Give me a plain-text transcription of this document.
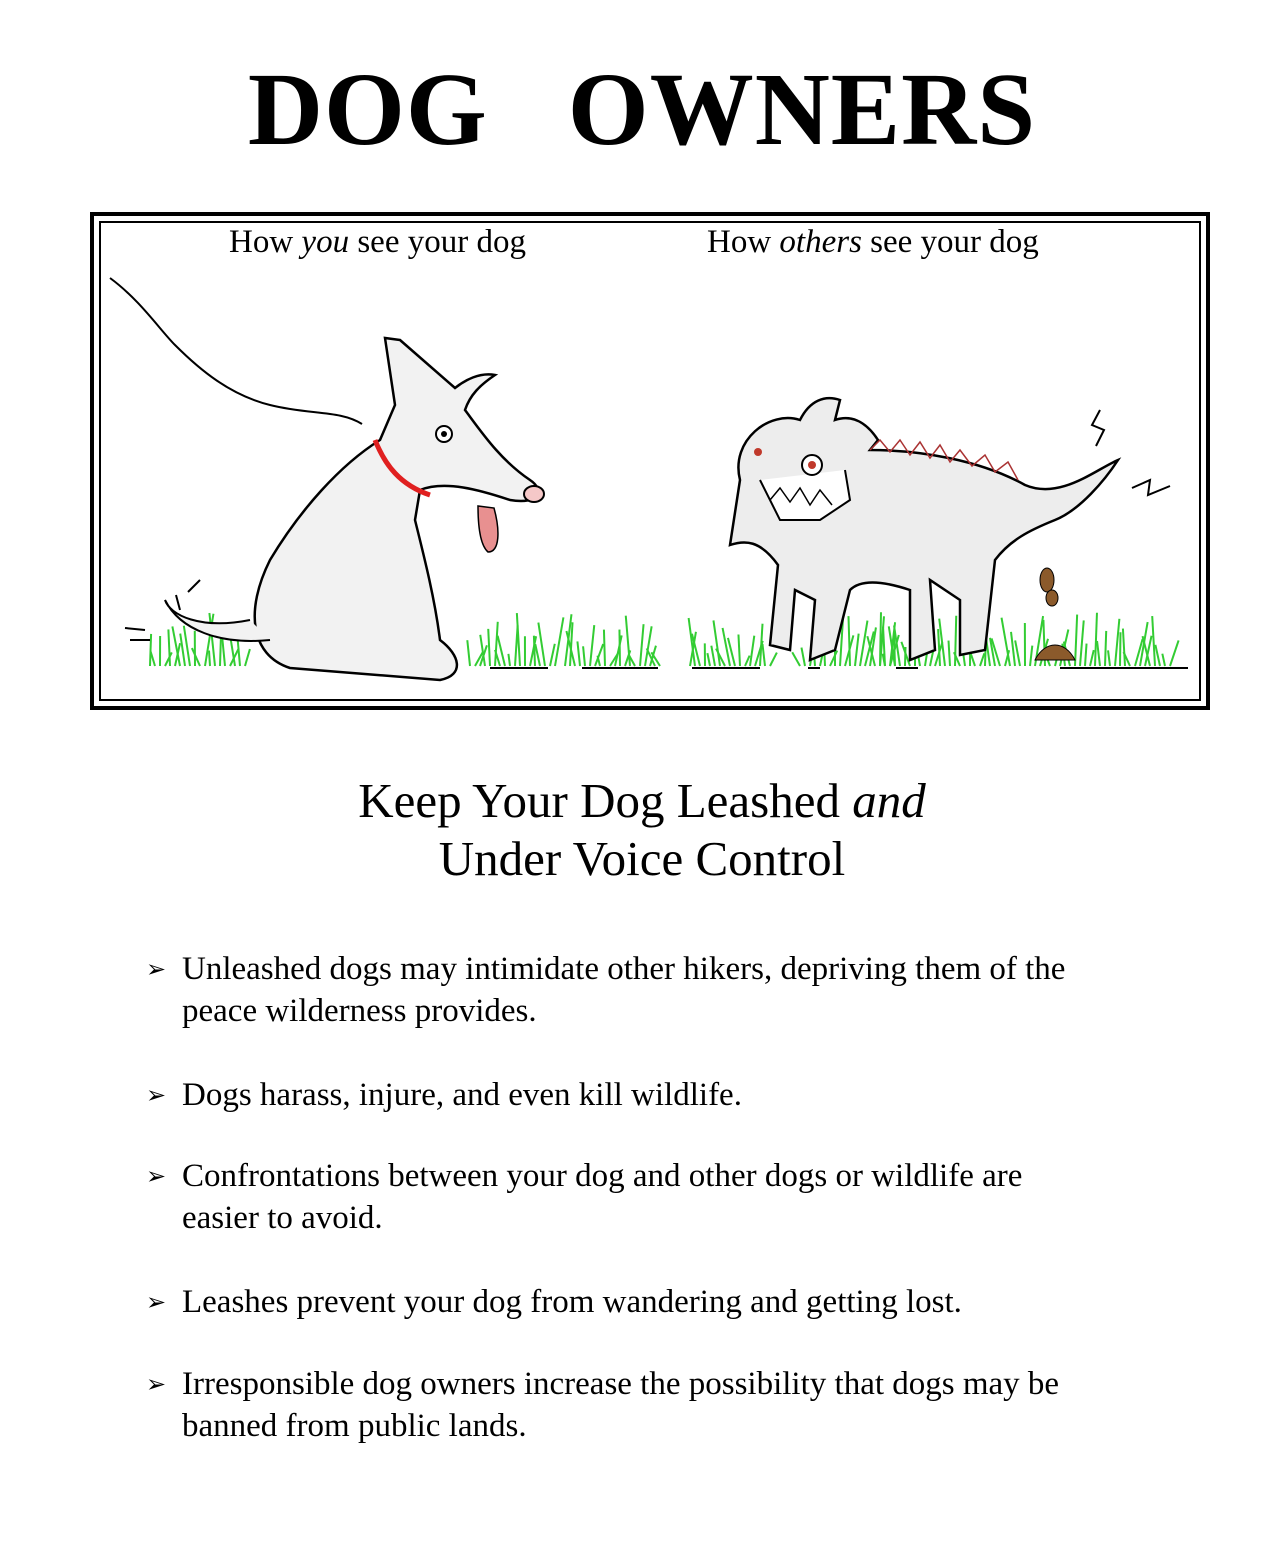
DOG OWNERS
How you see your dog	How others see your dog
Keep Your Dog Leashed and
Under Voice Control
➢ Unleashed dogs may intimidate other hikers, depriving them of the
peace wilderness provides.
➢ Dogs harass, injure, and even kill wildlife.
➢ Confrontations between your dog and other dogs or wildlife are
easier to avoid.
➢ Leashes prevent your dog from wandering and getting lost.
➢ Irresponsible dog owners increase the possibility that dogs may be
banned from public lands.
